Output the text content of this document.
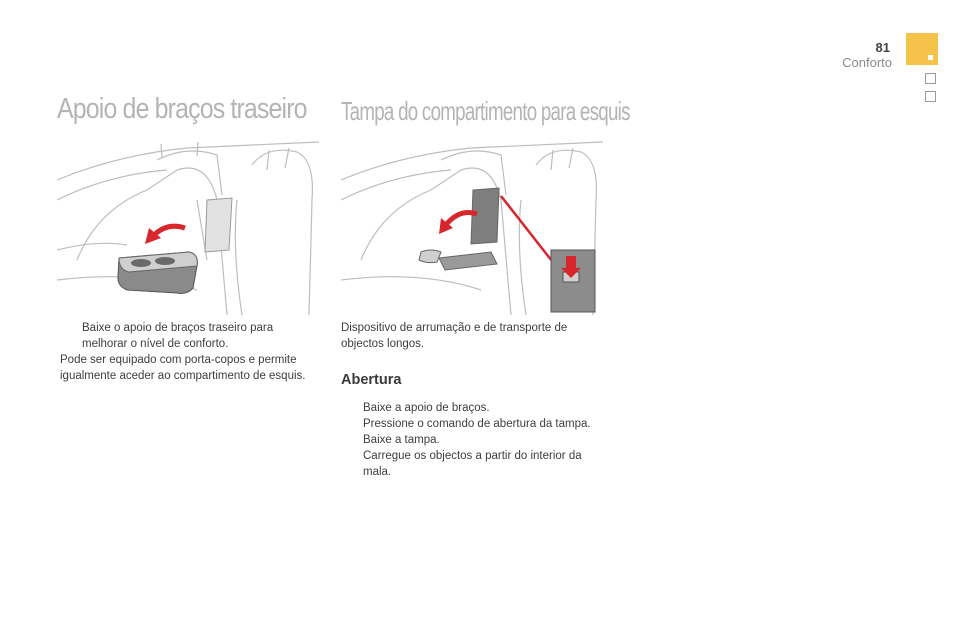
81
Conforto
Apoio de braços traseiro Tampa do compartimento para esquis
Baixe o apoio de braços traseiro para melhorar o nível de conforto.

Pode ser equipado com porta-copos e permite igualmente aceder ao compartimento de esquis.

Dispositivo de arrumação e de transporte de objectos longos.

Abertura
Baixe a apoio de braços.
Pressione o comando de abertura da tampa.
Baixe a tampa.
Carregue os objectos a partir do interior da mala.
